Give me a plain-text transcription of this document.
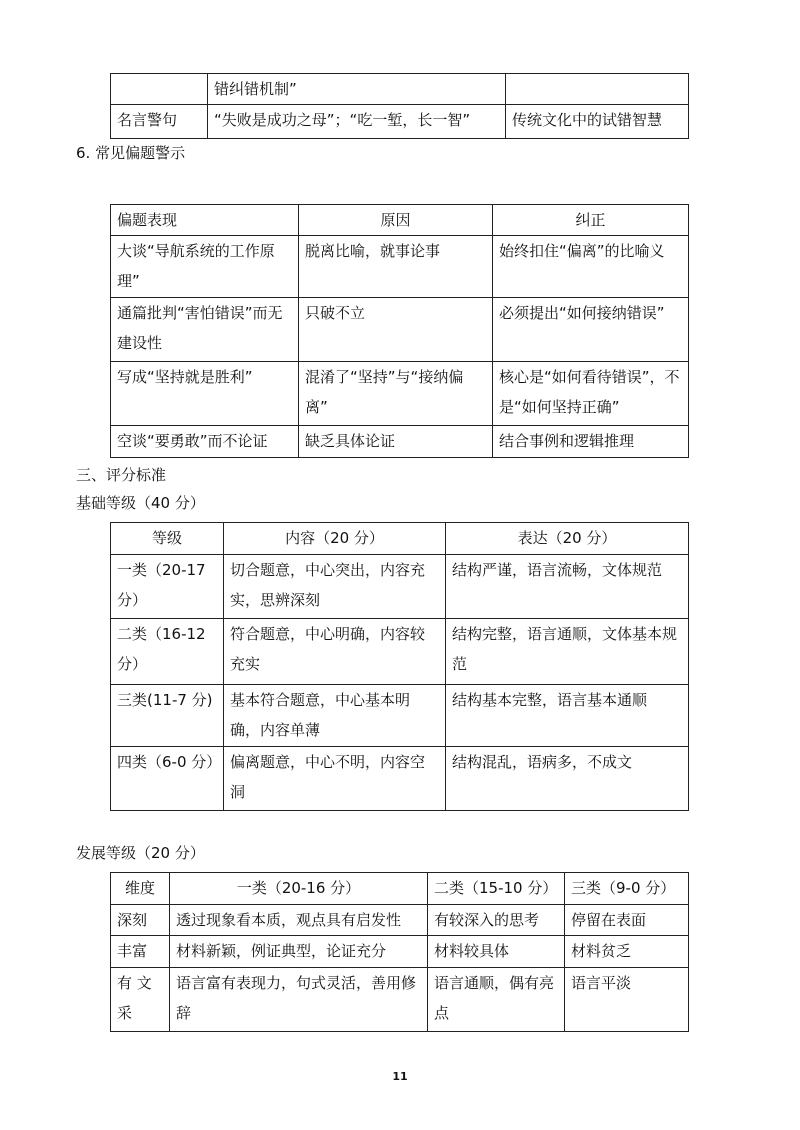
	错纠错机制”	
名言警句	“失败是成功之母”；“吃一堑，长一智”	传统文化中的试错智慧

6. 常见偏题警示

偏题表现	原因	纠正
大谈“导航系统的工作原理”	脱离比喻，就事论事	始终扣住“偏离”的比喻义
通篇批判“害怕错误”而无建设性	只破不立	必须提出“如何接纳错误”
写成“坚持就是胜利”	混淆了“坚持”与“接纳偏离”	核心是“如何看待错误”，不是“如何坚持正确”
空谈“要勇敢”而不论证	缺乏具体论证	结合事例和逻辑推理

三、评分标准

基础等级（40 分）

等级	内容（20 分）	表达（20 分）
一类（20-17 分）	切合题意，中心突出，内容充实，思辨深刻	结构严谨，语言流畅，文体规范
二类（16-12 分）	符合题意，中心明确，内容较充实	结构完整，语言通顺，文体基本规范
三类(11-7 分)	基本符合题意，中心基本明确，内容单薄	结构基本完整，语言基本通顺
四类（6-0 分）	偏离题意，中心不明，内容空洞	结构混乱，语病多，不成文

发展等级（20 分）

维度	一类（20-16 分）	二类（15-10 分）	三类（9-0 分）
深刻	透过现象看本质，观点具有启发性	有较深入的思考	停留在表面
丰富	材料新颖，例证典型，论证充分	材料较具体	材料贫乏
有 文 采	语言富有表现力，句式灵活，善用修辞	语言通顺，偶有亮点	语言平淡
11
